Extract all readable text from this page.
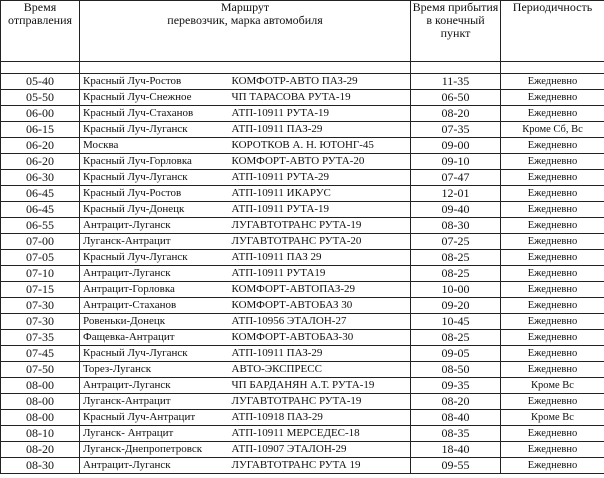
Время отправления	Маршрут
перевозчик, марка автомобиля		Время прибытия в конечный пункт	Периодичность

05-40	Красный Луч-Ростов	КОМФОТР-АВТО ПАЗ-29	11-35	Ежедневно
05-50	Красный Луч-Снежное	ЧП ТАРАСОВА РУТА-19	06-50	Ежедневно
06-00	Красный Луч-Стаханов	АТП-10911 РУТА-19	08-20	Ежедневно
06-15	Красный Луч-Луганск	АТП-10911 ПАЗ-29	07-35	Кроме Сб, Вс
06-20	Москва	КОРОТКОВ А. Н. ЮТОНГ-45	09-00	Ежедневно
06-20	Красный Луч-Горловка	КОМФОРТ-АВТО РУТА-20	09-10	Ежедневно
06-30	Красный Луч-Луганск	АТП-10911 РУТА-29	07-47	Ежедневно
06-45	Красный Луч-Ростов	АТП-10911 ИКАРУС	12-01	Ежедневно
06-45	Красный Луч-Донецк	АТП-10911 РУТА-19	09-40	Ежедневно
06-55	Антрацит-Луганск	ЛУГАВТОТРАНС РУТА-19	08-30	Ежедневно
07-00	Луганск-Антрацит	ЛУГАВТОТРАНС РУТА-20	07-25	Ежедневно
07-05	Красный Луч-Луганск	АТП-10911 ПАЗ 29	08-25	Ежедневно
07-10	Антрацит-Луганск	АТП-10911 РУТА19	08-25	Ежедневно
07-15	Антрацит-Горловка	КОМФОРТ-АВТОПАЗ-29	10-00	Ежедневно
07-30	Антрацит-Стаханов	КОМФОРТ-АВТОБАЗ 30	09-20	Ежедневно
07-30	Ровеньки-Донецк	АТП-10956 ЭТАЛОН-27	10-45	Ежедневно
07-35	Фащевка-Антрацит	КОМФОРТ-АВТОБАЗ-30	08-25	Ежедневно
07-45	Красный Луч-Луганск	АТП-10911 ПАЗ-29	09-05	Ежедневно
07-50	Торез-Луганск	АВТО-ЭКСПРЕСС	08-50	Ежедневно
08-00	Антрацит-Луганск	ЧП БАРДАНЯН А.Т. РУТА-19	09-35	Кроме Вс
08-00	Луганск-Антрацит	ЛУГАВТОТРАНС РУТА-19	08-20	Ежедневно
08-00	Красный Луч-Антрацит	АТП-10918 ПАЗ-29	08-40	Кроме Вс
08-10	Луганск- Антрацит	АТП-10911 МЕРСЕДЕС-18	08-35	Ежедневно
08-20	Луганск-Днепропетровск	АТП-10907 ЭТАЛОН-29	18-40	Ежедневно
08-30	Антрацит-Луганск	ЛУГАВТОТРАНС РУТА 19	09-55	Ежедневно
